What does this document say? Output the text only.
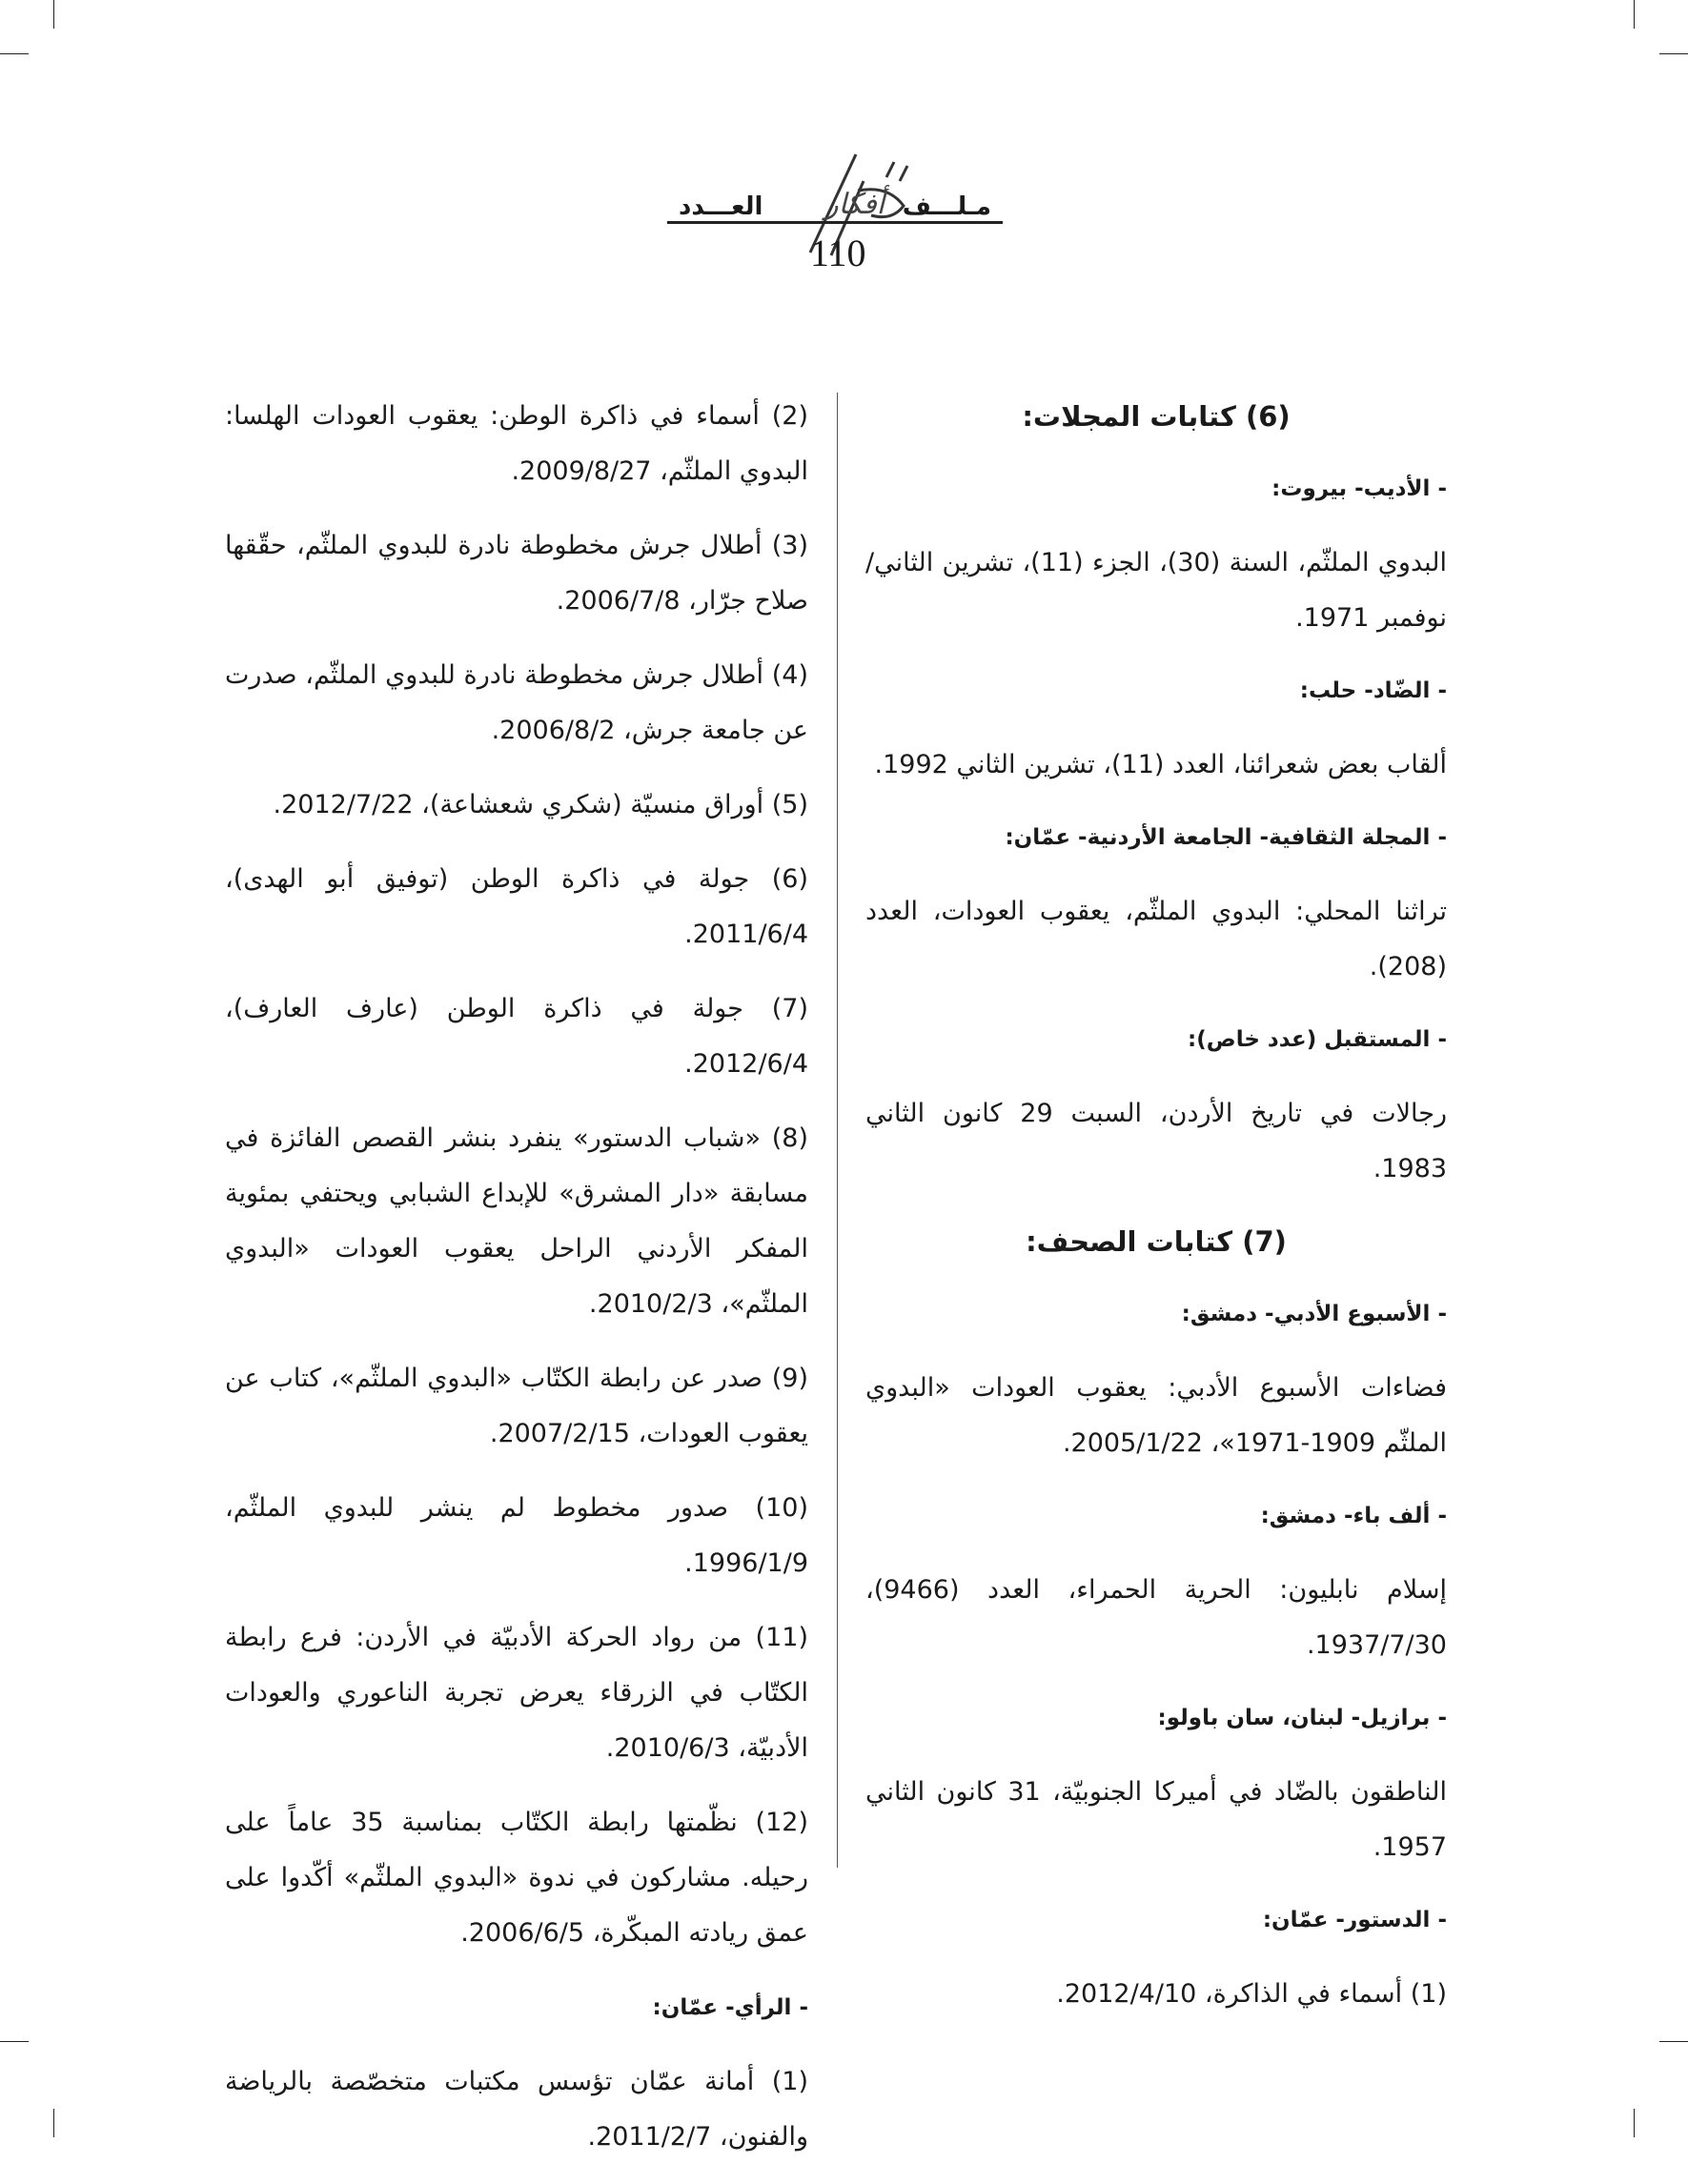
أفكار
العـــدد	مـلـــف
110
(6) كتابات المجلات:
- الأديب- بيروت:
البدوي الملثّم، السنة (30)، الجزء (11)، تشرين الثاني/ نوفمبر 1971.
- الضّاد- حلب:
ألقاب بعض شعرائنا، العدد (11)، تشرين الثاني 1992.
- المجلة الثقافية- الجامعة الأردنية- عمّان:
تراثنا المحلي: البدوي الملثّم، يعقوب العودات، العدد (208).
- المستقبل (عدد خاص):
رجالات في تاريخ الأردن، السبت 29 كانون الثاني 1983.
(7) كتابات الصحف:
- الأسبوع الأدبي- دمشق:
فضاءات الأسبوع الأدبي: يعقوب العودات «البدوي الملثّم 1909-1971»، 2005/1/22.
- ألف باء- دمشق:
إسلام نابليون: الحرية الحمراء، العدد (9466)، 1937/7/30.
- برازيل- لبنان، سان باولو:
الناطقون بالضّاد في أميركا الجنوبيّة، 31 كانون الثاني 1957.
- الدستور- عمّان:
(1) أسماء في الذاكرة، 2012/4/10.
(2) أسماء في ذاكرة الوطن: يعقوب العودات الهلسا: البدوي الملثّم، 2009/8/27.
(3) أطلال جرش مخطوطة نادرة للبدوي الملثّم، حقّقها صلاح جرّار، 2006/7/8.
(4) أطلال جرش مخطوطة نادرة للبدوي الملثّم، صدرت عن جامعة جرش، 2006/8/2.
(5) أوراق منسيّة (شكري شعشاعة)، 2012/7/22.
(6) جولة في ذاكرة الوطن (توفيق أبو الهدى)، 2011/6/4.
(7) جولة في ذاكرة الوطن (عارف العارف)، 2012/6/4.
(8) «شباب الدستور» ينفرد بنشر القصص الفائزة في مسابقة «دار المشرق» للإبداع الشبابي ويحتفي بمئوية المفكر الأردني الراحل يعقوب العودات «البدوي الملثّم»، 2010/2/3.
(9) صدر عن رابطة الكتّاب «البدوي الملثّم»، كتاب عن يعقوب العودات، 2007/2/15.
(10) صدور مخطوط لم ينشر للبدوي الملثّم، 1996/1/9.
(11) من رواد الحركة الأدبيّة في الأردن: فرع رابطة الكتّاب في الزرقاء يعرض تجربة الناعوري والعودات الأدبيّة، 2010/6/3.
(12) نظّمتها رابطة الكتّاب بمناسبة 35 عاماً على رحيله. مشاركون في ندوة «البدوي الملثّم» أكّدوا على عمق ريادته المبكّرة، 2006/6/5.
- الرأي- عمّان:
(1) أمانة عمّان تؤسس مكتبات متخصّصة بالرياضة والفنون، 2011/2/7.
